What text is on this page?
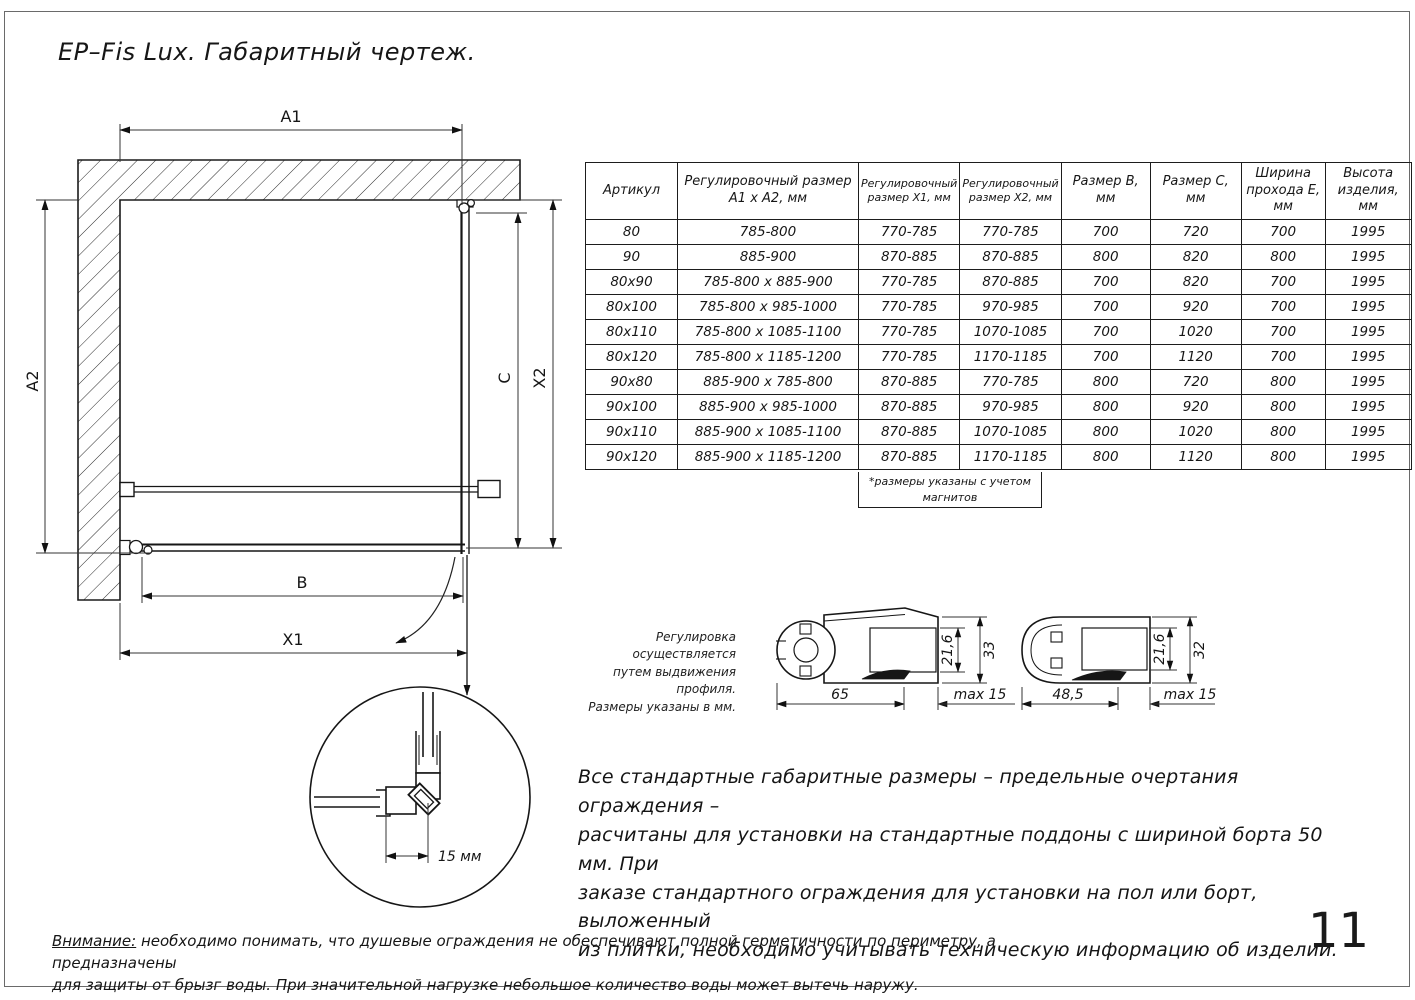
EP–Fis Lux. Габаритный чертеж.
A1
A2	C X2
B
X1
15 мм
Артикул	Регулировочный размер А1 х А2, мм	Регулировочный размер Х1, мм	Регулировочный размер Х2, мм	Размер В, мм	Размер С, мм	Ширина прохода Е, мм	Высота изделия, мм
80	785-800	770-785	770-785	700	720	700	1995
90	885-900	870-885	870-885	800	820	800	1995
80x90	785-800 x 885-900	770-785	870-885	700	820	700	1995
80x100	785-800 x 985-1000	770-785	970-985	700	920	700	1995
80x110	785-800 x 1085-1100	770-785	1070-1085	700	1020	700	1995
80x120	785-800 x 1185-1200	770-785	1170-1185	700	1120	700	1995
90x80	885-900 x 785-800	870-885	770-785	800	720	800	1995
90x100	885-900 x 985-1000	870-885	970-985	800	920	800	1995
90x110	885-900 x 1085-1100	870-885	1070-1085	800	1020	800	1995
90x120	885-900 x 1185-1200	870-885	1170-1185	800	1120	800	1995
*размеры указаны с учетом
магнитов
Регулировка осуществляется
путем выдвижения профиля.
Размеры указаны в мм.
65	max 15
21,6 33
48,5	max 15
21,6 32
Все стандартные габаритные размеры – предельные очертания ограждения –
расчитаны для установки на стандартные поддоны с шириной борта 50 мм. При
заказе стандартного ограждения для установки на пол или борт, выложенный
из плитки, необходимо учитывать техническую информацию об изделии.
Внимание: необходимо понимать, что душевые ограждения не обеспечивают полной герметичности по периметру, а предназначены
для защиты от брызг воды. При значительной нагрузке небольшое количество воды может вытечь наружу.
11
